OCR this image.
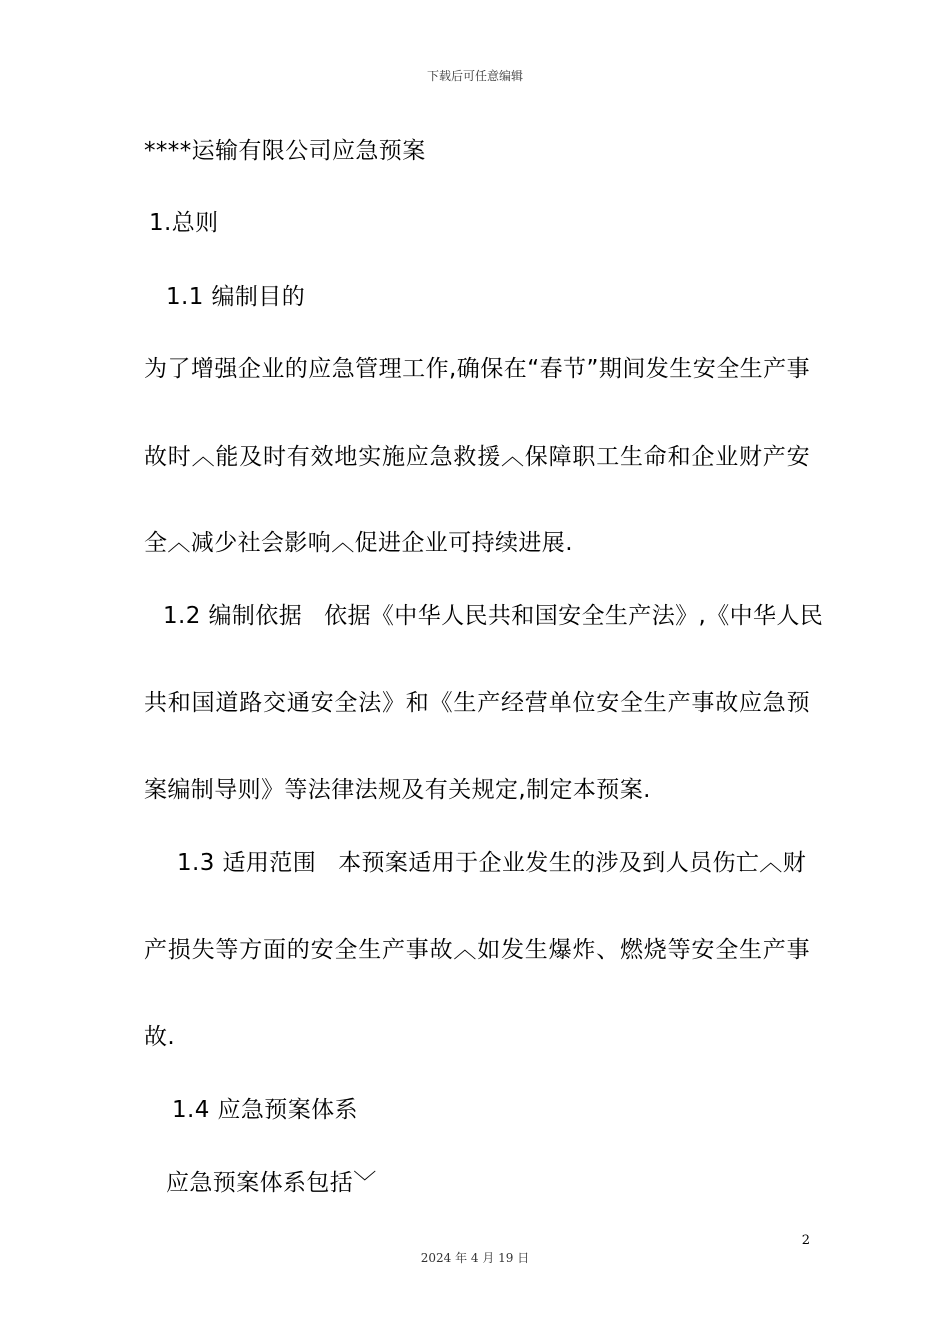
下载后可任意编辑
****运输有限公司应急预案
1.总则
1.1 编制目的
为了增强企业的应急管理工作,确保在“春节”期间发生安全生产事
故时︿能及时有效地实施应急救援︿保障职工生命和企业财产安
全︿减少社会影响︿促进企业可持续进展.
1.2 编制依据 依据《中华人民共和国安全生产法》,《中华人民
共和国道路交通安全法》和《生产经营单位安全生产事故应急预
案编制导则》等法律法规及有关规定,制定本预案.
1.3 适用范围 本预案适用于企业发生的涉及到人员伤亡︿财
产损失等方面的安全生产事故︿如发生爆炸、燃烧等安全生产事
故.
1.4 应急预案体系
应急预案体系包括﹀
2
2024 年 4 月 19 日
